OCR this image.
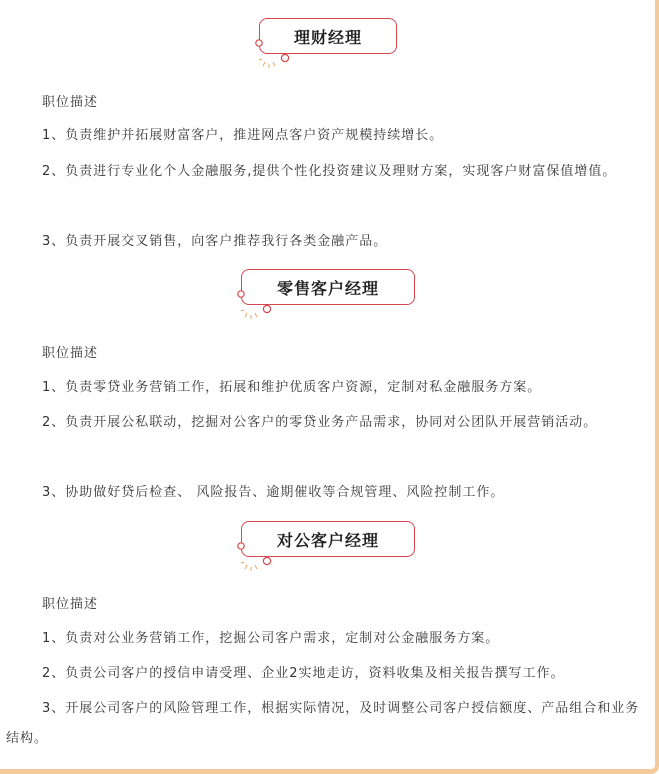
理财经理

职位描述

1、负责维护并拓展财富客户，推进网点客户资产规模持续增长。

2、负责进行专业化个人金融服务,提供个性化投资建议及理财方案，实现客户财富保值增值。

3、负责开展交叉销售，向客户推荐我行各类金融产品。

零售客户经理

职位描述

1、负责零贷业务营销工作，拓展和维护优质客户资源，定制对私金融服务方案。

2、负责开展公私联动，挖掘对公客户的零贷业务产品需求，协同对公团队开展营销活动。

3、协助做好贷后检查、 风险报告、逾期催收等合规管理、风险控制工作。

对公客户经理

职位描述

1、负责对公业务营销工作，挖掘公司客户需求，定制对公金融服务方案。

2、负责公司客户的授信申请受理、企业2实地走访，资料收集及相关报告撰写工作。

3、开展公司客户的风险管理工作，根据实际情况，及时调整公司客户授信额度、产品组合和业务结构。
